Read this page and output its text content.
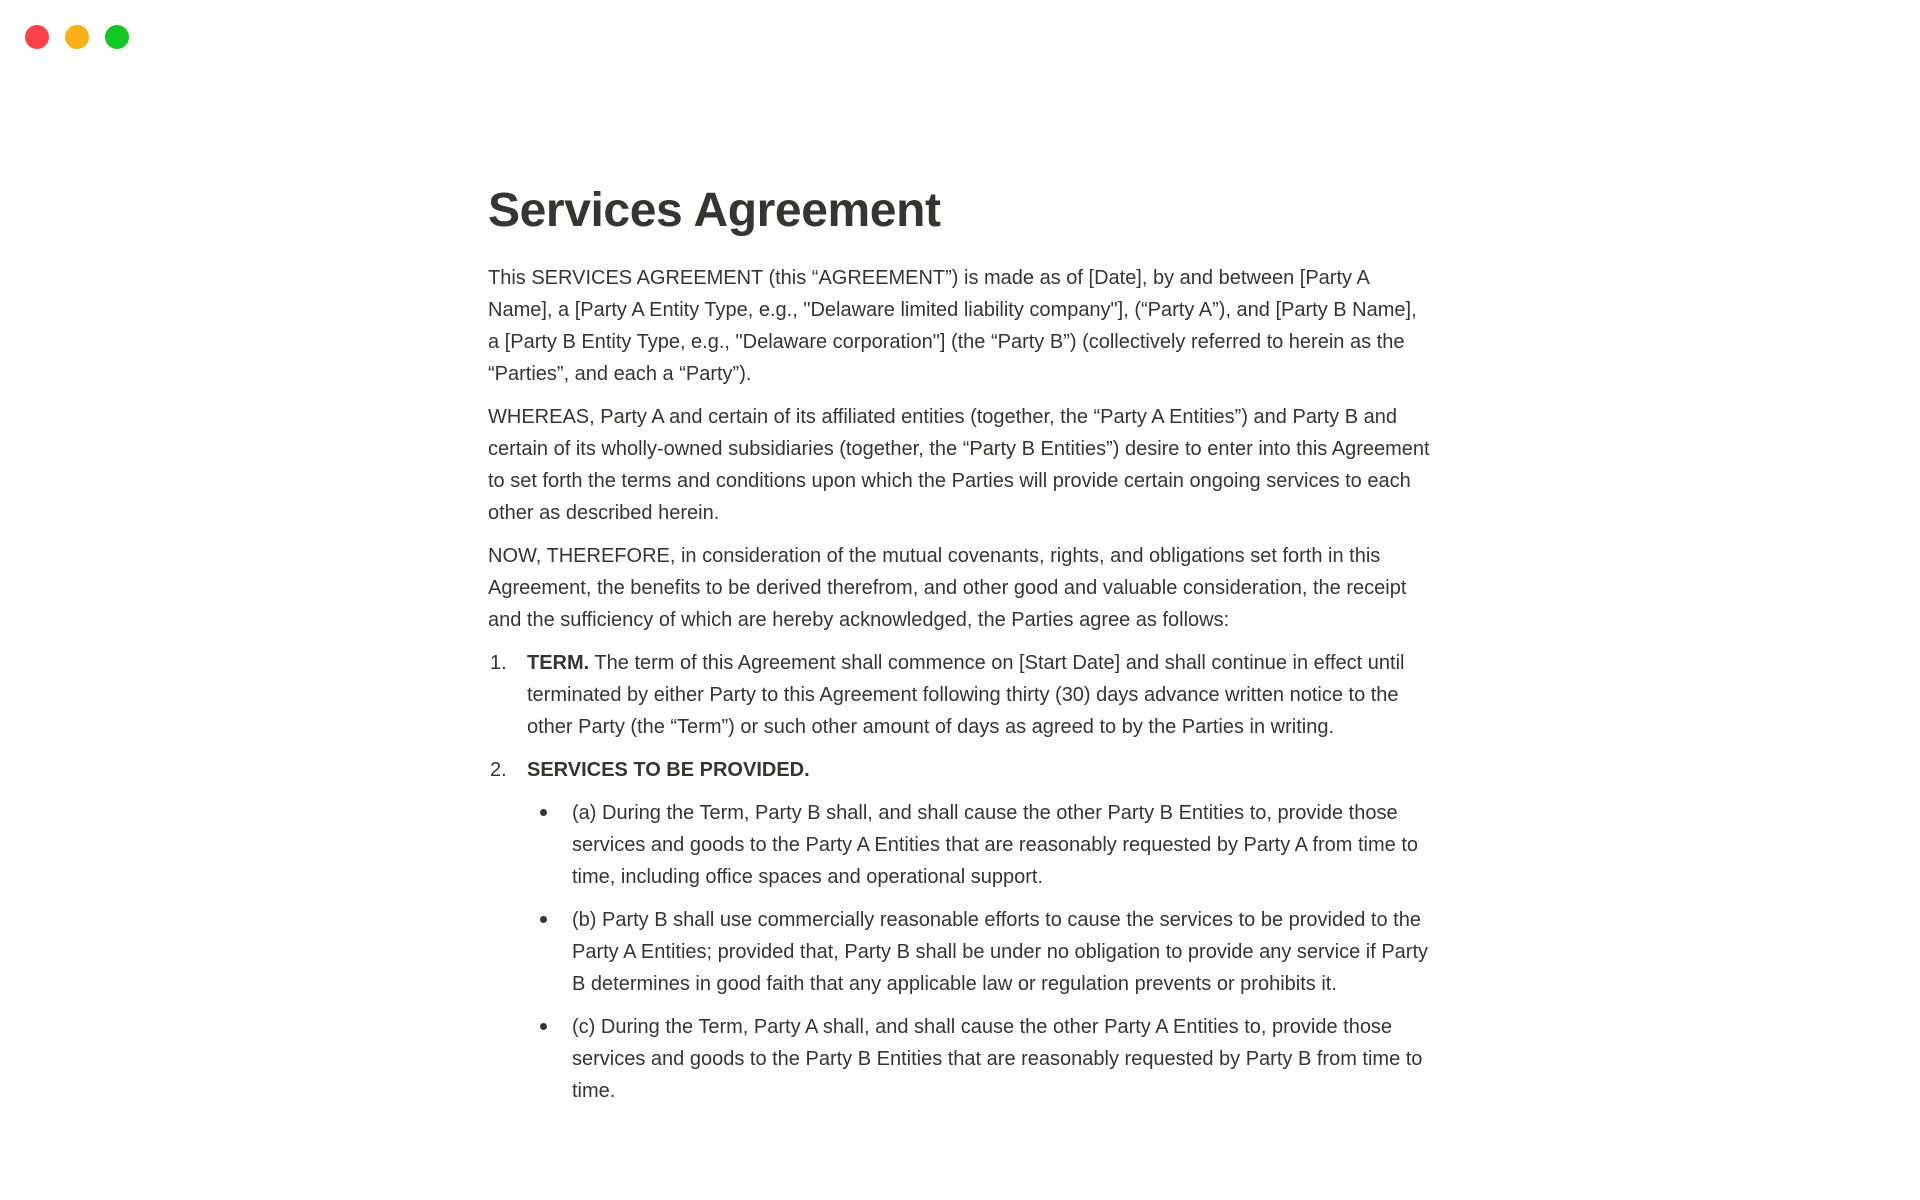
Services Agreement

This SERVICES AGREEMENT (this “AGREEMENT”) is made as of [Date], by and between [Party A Name], a [Party A Entity Type, e.g., "Delaware limited liability company"], (“Party A”), and [Party B Name], a [Party B Entity Type, e.g., "Delaware corporation"] (the “Party B”) (collectively referred to herein as the “Parties”, and each a “Party”).

WHEREAS, Party A and certain of its affiliated entities (together, the “Party A Entities”) and Party B and certain of its wholly-owned subsidiaries (together, the “Party B Entities”) desire to enter into this Agreement to set forth the terms and conditions upon which the Parties will provide certain ongoing services to each other as described herein.

NOW, THEREFORE, in consideration of the mutual covenants, rights, and obligations set forth in this Agreement, the benefits to be derived therefrom, and other good and valuable consideration, the receipt and the sufficiency of which are hereby acknowledged, the Parties agree as follows:

1.	TERM. The term of this Agreement shall commence on [Start Date] and shall continue in effect until terminated by either Party to this Agreement following thirty (30) days advance written notice to the other Party (the “Term”) or such other amount of days as agreed to by the Parties in writing.
2.	SERVICES TO BE PROVIDED.
(a) During the Term, Party B shall, and shall cause the other Party B Entities to, provide those services and goods to the Party A Entities that are reasonably requested by Party A from time to time, including office spaces and operational support.
(b) Party B shall use commercially reasonable efforts to cause the services to be provided to the Party A Entities; provided that, Party B shall be under no obligation to provide any service if Party B determines in good faith that any applicable law or regulation prevents or prohibits it.
(c) During the Term, Party A shall, and shall cause the other Party A Entities to, provide those services and goods to the Party B Entities that are reasonably requested by Party B from time to time.
